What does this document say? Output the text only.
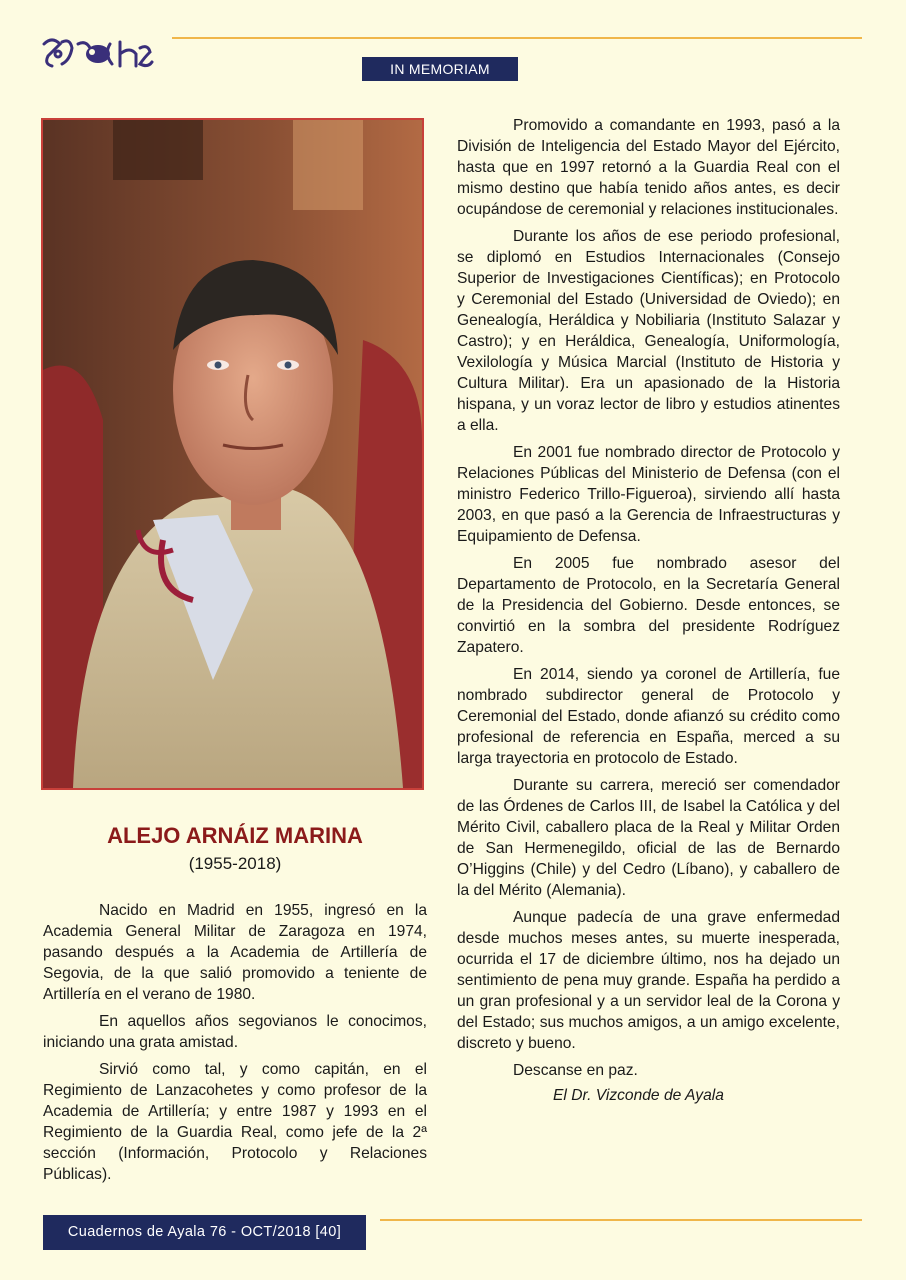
IN MEMORIAM
ALEJO ARNÁIZ MARINA
(1955-2018)

Nacido en Madrid en 1955, ingresó en la Academia General Militar de Zaragoza en 1974, pasando después a la Academia de Artillería de Segovia, de la que salió promovido a teniente de Artillería en el verano de 1980.

En aquellos años segovianos le conocimos, iniciando una grata amistad.

Sirvió como tal, y como capitán, en el Regimiento de Lanzacohetes y como profesor de la Academia de Artillería; y entre 1987 y 1993 en el Regimiento de la Guardia Real, como jefe de la 2ª sección (Información, Protocolo y Relaciones Públicas).

Promovido a comandante en 1993, pasó a la División de Inteligencia del Estado Mayor del Ejército, hasta que en 1997 retornó a la Guardia Real con el mismo destino que había tenido años antes, es decir ocupándose de ceremonial y relaciones institucionales.

Durante los años de ese periodo profesional, se diplomó en Estudios Internacionales (Consejo Superior de Investigaciones Científicas); en Protocolo y Ceremonial del Estado (Universidad de Oviedo); en Genealogía, Heráldica y Nobiliaria (Instituto Salazar y Castro); y en Heráldica, Genealogía, Uniformología, Vexilología y Música Marcial (Instituto de Historia y Cultura Militar). Era un apasionado de la Historia hispana, y un voraz lector de libro y estudios atinentes a ella.

En 2001 fue nombrado director de Protocolo y Relaciones Públicas del Ministerio de Defensa (con el ministro Federico Trillo-Figueroa), sirviendo allí hasta 2003, en que pasó a la Gerencia de Infraestructuras y Equipamiento de Defensa.

En 2005 fue nombrado asesor del Departamento de Protocolo, en la Secretaría General de la Presidencia del Gobierno. Desde entonces, se convirtió en la sombra del presidente Rodríguez Zapatero.

En 2014, siendo ya coronel de Artillería, fue nombrado subdirector general de Protocolo y Ceremonial del Estado, donde afianzó su crédito como profesional de referencia en España, merced a su larga trayectoria en protocolo de Estado.

Durante su carrera, mereció ser comendador de las Órdenes de Carlos III, de Isabel la Católica y del Mérito Civil, caballero placa de la Real y Militar Orden de San Hermenegildo, oficial de las de Bernardo O’Higgins (Chile) y del Cedro (Líbano), y caballero de la del Mérito (Alemania).

Aunque padecía de una grave enfermedad desde muchos meses antes, su muerte inesperada, ocurrida el 17 de diciembre último, nos ha dejado un sentimiento de pena muy grande. España ha perdido a un gran profesional y a un servidor leal de la Corona y del Estado; sus muchos amigos, a un amigo excelente, discreto y bueno.

Descanse en paz.
El Dr. Vizconde de Ayala
Cuadernos de Ayala 76 - OCT/2018 [40]
